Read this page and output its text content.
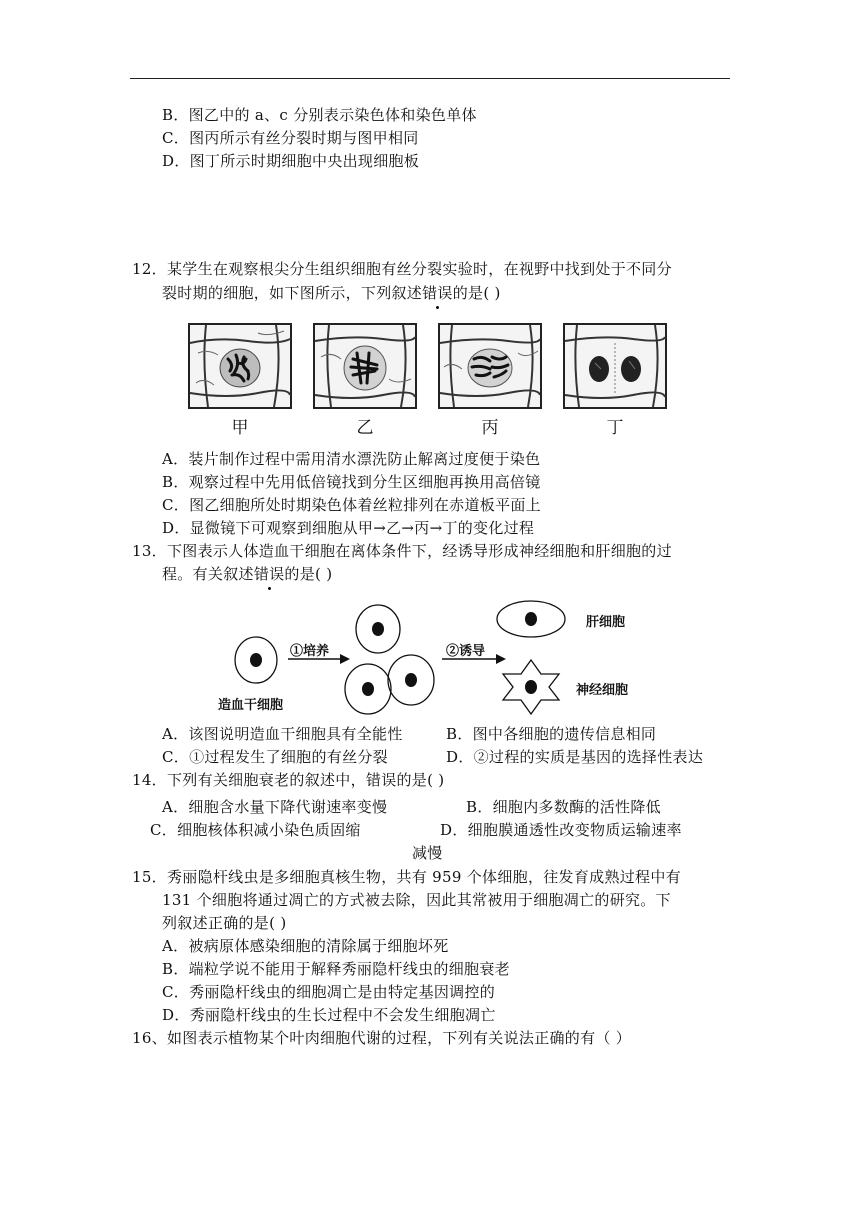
B．图乙中的 a、c 分别表示染色体和染色单体
C．图丙所示有丝分裂时期与图甲相同
D．图丁所示时期细胞中央出现细胞板
12．某学生在观察根尖分生组织细胞有丝分裂实验时，在视野中找到处于不同分
裂时期的细胞，如下图所示，下列叙述错误的是( )
甲	乙	丙	丁
A．装片制作过程中需用清水漂洗防止解离过度便于染色
B．观察过程中先用低倍镜找到分生区细胞再换用高倍镜
C．图乙细胞所处时期染色体着丝粒排列在赤道板平面上
D．显微镜下可观察到细胞从甲→乙→丙→丁的变化过程
13．下图表示人体造血干细胞在离体条件下，经诱导形成神经细胞和肝细胞的过
程。有关叙述错误的是( )
①培养	②诱导
肝细胞
神经细胞
造血干细胞
A．该图说明造血干细胞具有全能性	B．图中各细胞的遗传信息相同
C．①过程发生了细胞的有丝分裂	D．②过程的实质是基因的选择性表达
14．下列有关细胞衰老的叙述中，错误的是( )
A．细胞含水量下降代谢速率变慢	B．细胞内多数酶的活性降低
C．细胞核体积减小染色质固缩	D．细胞膜通透性改变物质运输速率
减慢
15．秀丽隐杆线虫是多细胞真核生物，共有 959 个体细胞，往发育成熟过程中有
131 个细胞将通过凋亡的方式被去除，因此其常被用于细胞凋亡的研究。下
列叙述正确的是( )
A．被病原体感染细胞的清除属于细胞坏死
B．端粒学说不能用于解释秀丽隐杆线虫的细胞衰老
C．秀丽隐杆线虫的细胞凋亡是由特定基因调控的
D．秀丽隐杆线虫的生长过程中不会发生细胞凋亡
16、如图表示植物某个叶肉细胞代谢的过程，下列有关说法正确的有（ ）
